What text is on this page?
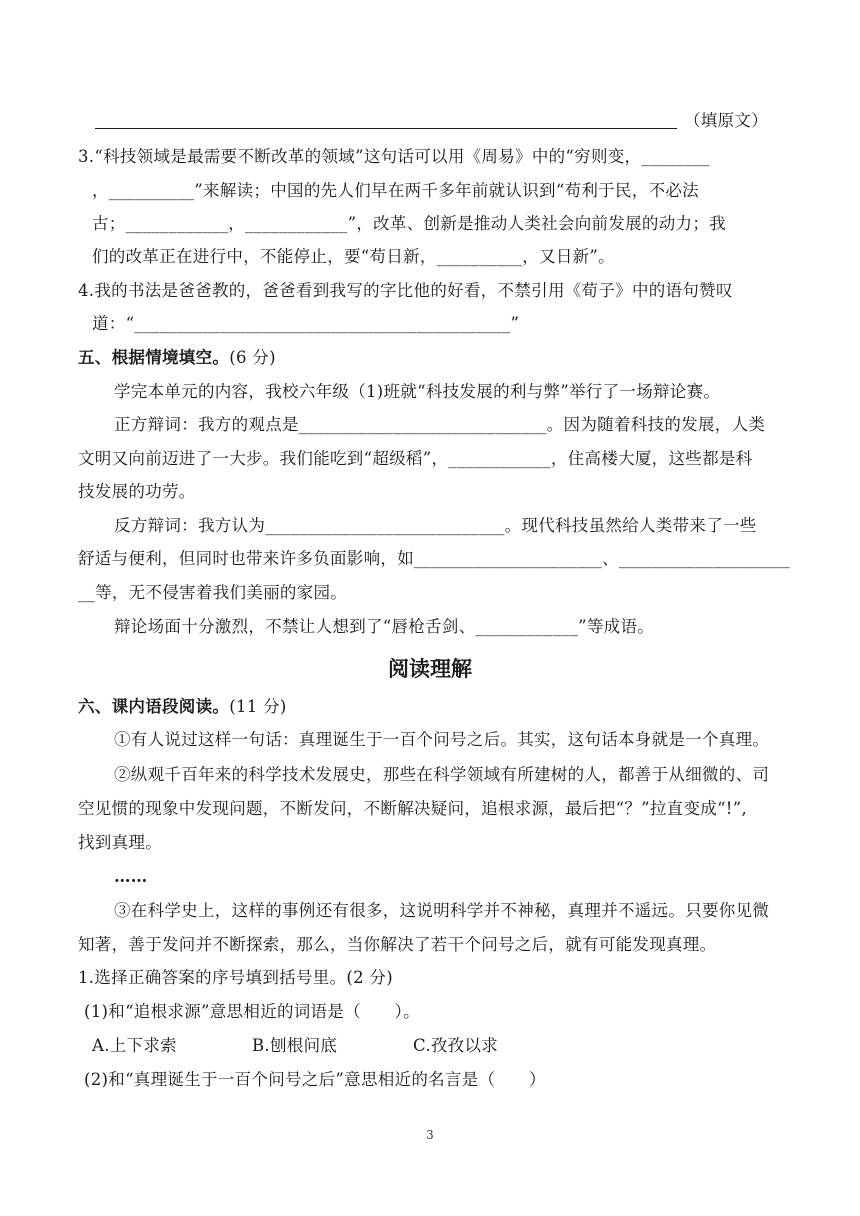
（填原文）
3.“科技领域是最需要不断改革的领域”这句话可以用《周易》中的“穷则变，________
，__________”来解读；中国的先人们早在两千多年前就认识到“苟利于民，不必法
古；____________，____________”，改革、创新是推动人类社会向前发展的动力；我
们的改革正在进行中，不能停止，要“苟日新，__________，又日新”。
4.我的书法是爸爸教的，爸爸看到我写的字比他的好看，不禁引用《荀子》中的语句赞叹
道：“____________________________________________”
五、根据情境填空。(6 分)
学完本单元的内容，我校六年级（1)班就“科技发展的利与弊”举行了一场辩论赛。
正方辩词：我方的观点是_____________________________。因为随着科技的发展，人类
文明又向前迈进了一大步。我们能吃到“超级稻”，____________，住高楼大厦，这些都是科
技发展的功劳。
反方辩词：我方认为____________________________。现代科技虽然给人类带来了一些
舒适与便利，但同时也带来许多负面影响，如______________________、____________________
__等，无不侵害着我们美丽的家园。
辩论场面十分激烈，不禁让人想到了“唇枪舌剑、____________”等成语。
阅读理解
六、课内语段阅读。(11 分)
①有人说过这样一句话：真理诞生于一百个问号之后。其实，这句话本身就是一个真理。
②纵观千百年来的科学技术发展史，那些在科学领域有所建树的人，都善于从细微的、司
空见惯的现象中发现问题，不断发问，不断解决疑问，追根求源，最后把“？”拉直变成“!”,
找到真理。
……
③在科学史上，这样的事例还有很多，这说明科学并不神秘，真理并不遥远。只要你见微
知著，善于发问并不断探索，那么，当你解决了若干个问号之后，就有可能发现真理。
1.选择正确答案的序号填到括号里。(2 分)
(1)和“追根求源”意思相近的词语是（　　）。
A.上下求索	B.刨根问底	C.孜孜以求
(2)和“真理诞生于一百个问号之后”意思相近的名言是（　　）
3
